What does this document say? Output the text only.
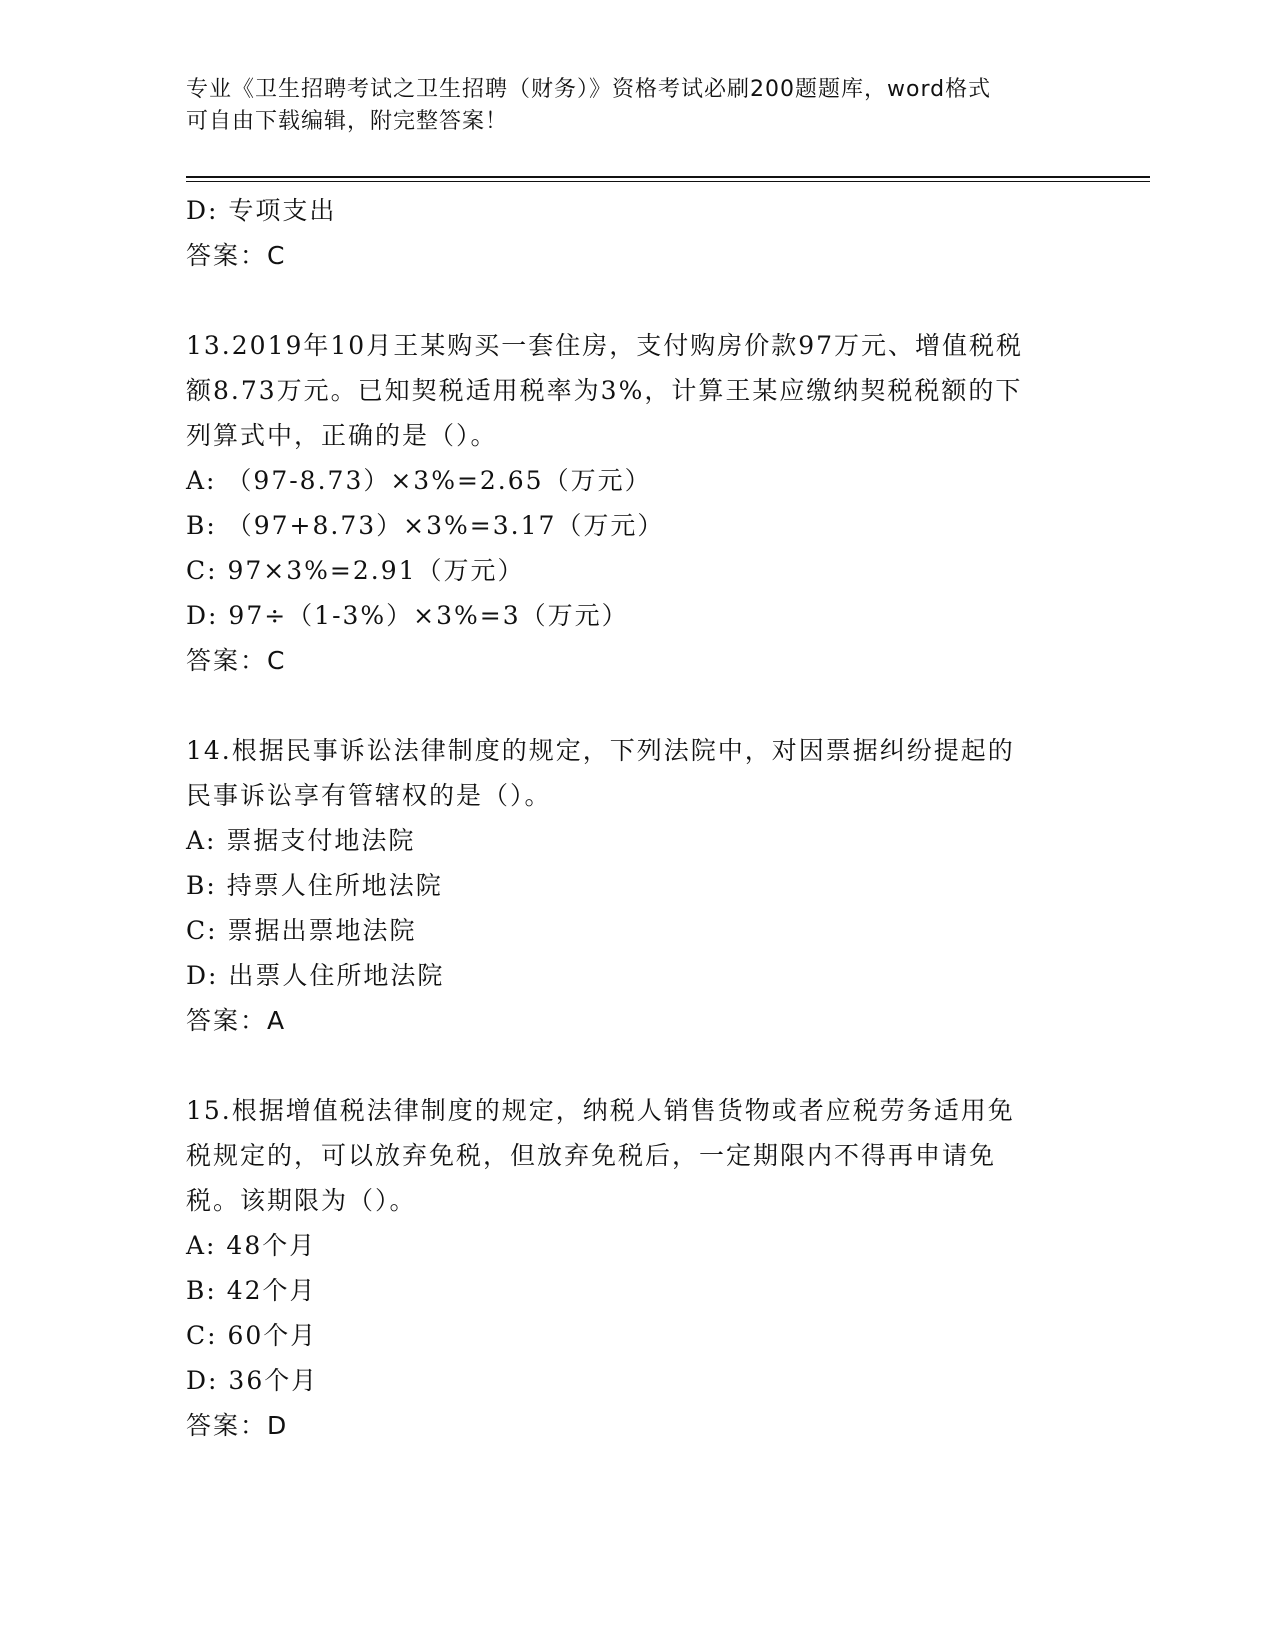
专业《卫生招聘考试之卫生招聘（财务）》资格考试必刷200题题库，word格式
可自由下载编辑，附完整答案！
D: 专项支出
答案：C
13.2019年10月王某购买一套住房，支付购房价款97万元、增值税税
额8.73万元。已知契税适用税率为3%，计算王某应缴纳契税税额的下
列算式中，正确的是（）。
A: （97-8.73）×3%=2.65（万元）
B: （97+8.73）×3%=3.17（万元）
C: 97×3%=2.91（万元）
D: 97÷（1-3%）×3%=3（万元）
答案：C
14.根据民事诉讼法律制度的规定，下列法院中，对因票据纠纷提起的
民事诉讼享有管辖权的是（）。
A: 票据支付地法院
B: 持票人住所地法院
C: 票据出票地法院
D: 出票人住所地法院
答案：A
15.根据增值税法律制度的规定，纳税人销售货物或者应税劳务适用免
税规定的，可以放弃免税，但放弃免税后，一定期限内不得再申请免
税。该期限为（）。
A: 48个月
B: 42个月
C: 60个月
D: 36个月
答案：D
